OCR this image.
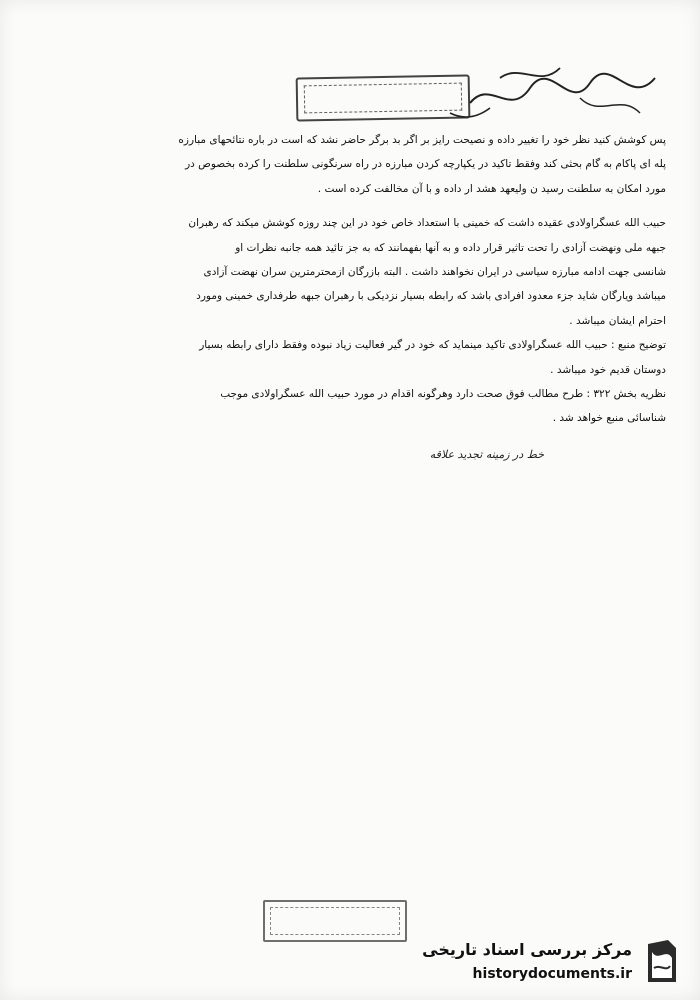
پس کوشش کنید نظر خود را تغییر داده و نصیحت رایز بر اگر بد برگر حاضر نشد که است در باره نتائحهای مبارزه
پله ای پاکام به گام بحثی کند وفقط تاکید در یکپارچه کردن مبارزه در راه سرنگونی سلطنت را کرده بخصوص در
مورد امکان به سلطنت رسید ن ولیعهد هشد ار داده و با آن مخالفت کرده است .
حبیب الله عسگراولادی عقیده داشت که خمینی با استعداد خاص خود در این چند روزه کوشش میکند که رهبران
جبهه ملی ونهضت آزادی را تحت تاثیر قرار داده و به آنها بفهمانند که به جز تائید همه جانبه نظرات او
شانسی جهت ادامه مبارزه سیاسی در ایران نخواهند داشت . البته بازرگان ازمحترمترین سران نهضت آزادی
میباشد ویارگان شاید جزء معدود افرادی باشد که رابطه بسیار نزدیکی با رهبران جبهه طرفداری خمینی ومورد
احترام ایشان میباشد .
توضیح منبع : حبیب الله عسگراولادی تاکید مینماید که خود در گیر فعالیت زیاد نبوده وفقط دارای رابطه بسیار
دوستان قدیم خود میباشد .
نظریه بخش ۳۲۲ : طرح مطالب فوق صحت دارد وهرگونه اقدام در مورد حبیب الله عسگراولادی موجب
شناسائی منبع خواهد شد .
خط در زمینه تجدید علاقه
مرکز بررسی اسناد تاریخی
historydocuments.ir
